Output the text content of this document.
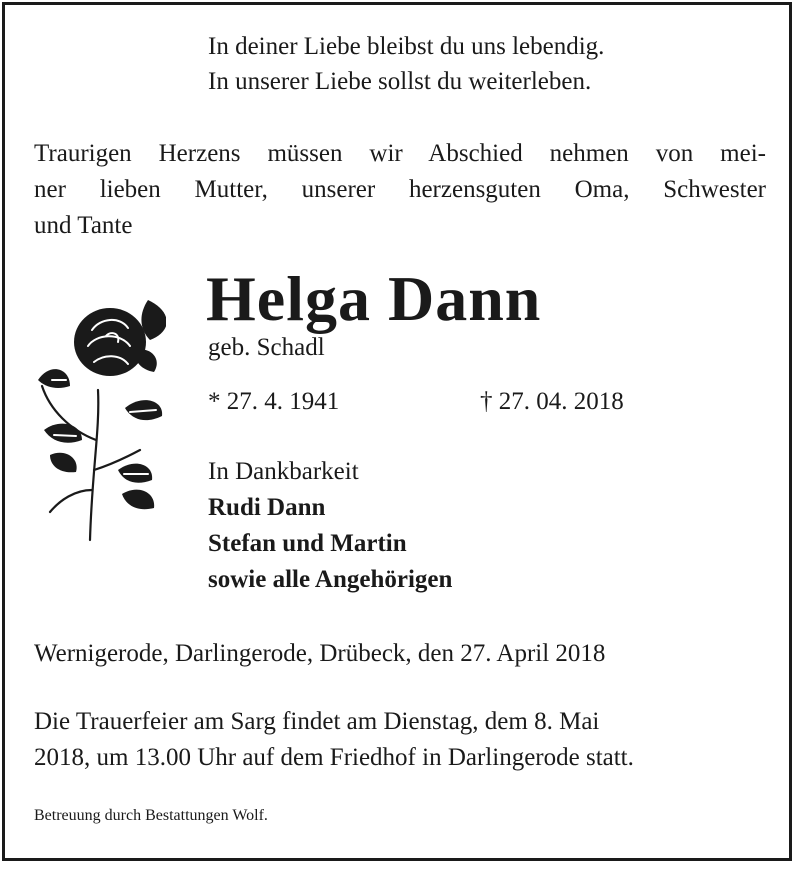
In deiner Liebe bleibst du uns lebendig.

In unserer Liebe sollst du weiterleben.

Traurigen Herzens müssen wir Abschied nehmen von mei-
ner lieben Mutter, unserer herzensguten Oma, Schwester
und Tante

Helga Dann

geb. Schadl

* 27. 4. 1941	† 27. 04. 2018

In Dankbarkeit

Rudi Dann

Stefan und Martin

sowie alle Angehörigen

Wernigerode, Darlingerode, Drübeck, den 27. April 2018

Die Trauerfeier am Sarg findet am Dienstag, dem 8. Mai

2018, um 13.00 Uhr auf dem Friedhof in Darlingerode statt.

Betreuung durch Bestattungen Wolf.
